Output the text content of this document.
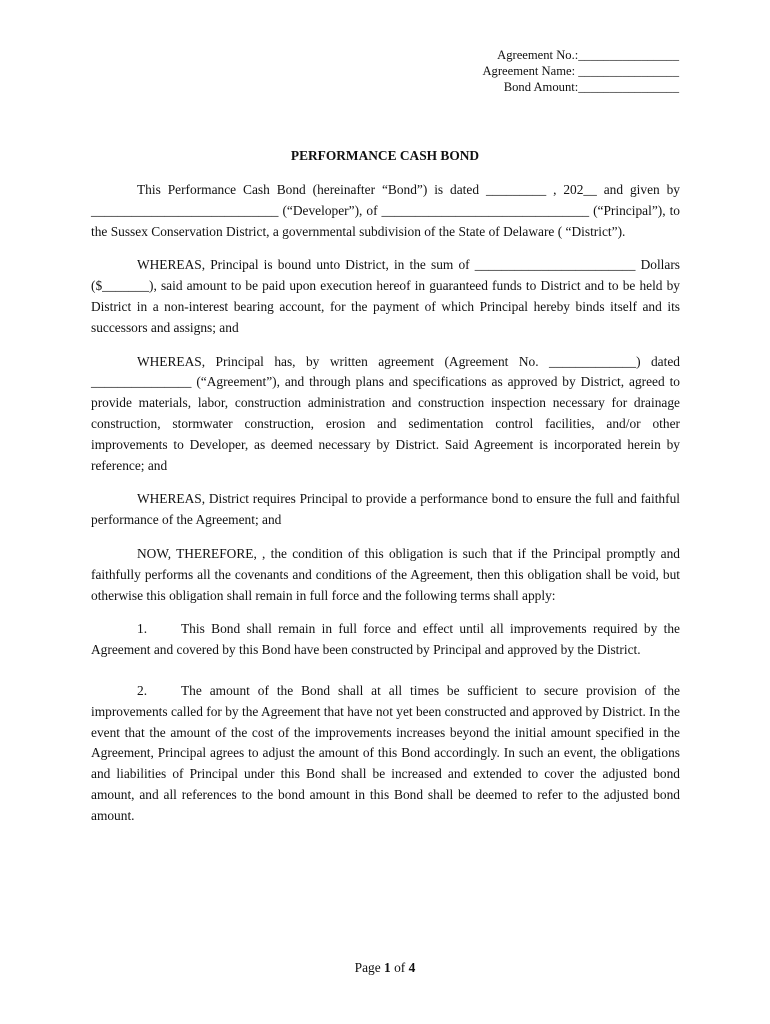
Agreement No.:________________
Agreement Name: ________________
Bond Amount:________________
PERFORMANCE CASH BOND

This Performance Cash Bond (hereinafter “Bond”) is dated _________ , 202__ and given by ____________________________ (“Developer”), of _______________________________ (“Principal”), to the Sussex Conservation District, a governmental subdivision of the State of Delaware ( “District”).

WHEREAS, Principal is bound unto District, in the sum of ________________________ Dollars ($_______), said amount to be paid upon execution hereof in guaranteed funds to District and to be held by District in a non-interest bearing account, for the payment of which Principal hereby binds itself and its successors and assigns; and

WHEREAS, Principal has, by written agreement (Agreement No. _____________) dated _______________ (“Agreement”), and through plans and specifications as approved by District, agreed to provide materials, labor, construction administration and construction inspection necessary for drainage construction, stormwater construction, erosion and sedimentation control facilities, and/or other improvements to Developer, as deemed necessary by District. Said Agreement is incorporated herein by reference; and

WHEREAS, District requires Principal to provide a performance bond to ensure the full and faithful performance of the Agreement; and

NOW, THEREFORE, , the condition of this obligation is such that if the Principal promptly and faithfully performs all the covenants and conditions of the Agreement, then this obligation shall be void, but otherwise this obligation shall remain in full force and the following terms shall apply:

1.	This Bond shall remain in full force and effect until all improvements required by the Agreement and covered by this Bond have been constructed by Principal and approved by the District.

2.	The amount of the Bond shall at all times be sufficient to secure provision of the improvements called for by the Agreement that have not yet been constructed and approved by District. In the event that the amount of the cost of the improvements increases beyond the initial amount specified in the Agreement, Principal agrees to adjust the amount of this Bond accordingly. In such an event, the obligations and liabilities of Principal under this Bond shall be increased and extended to cover the adjusted bond amount, and all references to the bond amount in this Bond shall be deemed to refer to the adjusted bond amount.

Page 1 of 4
